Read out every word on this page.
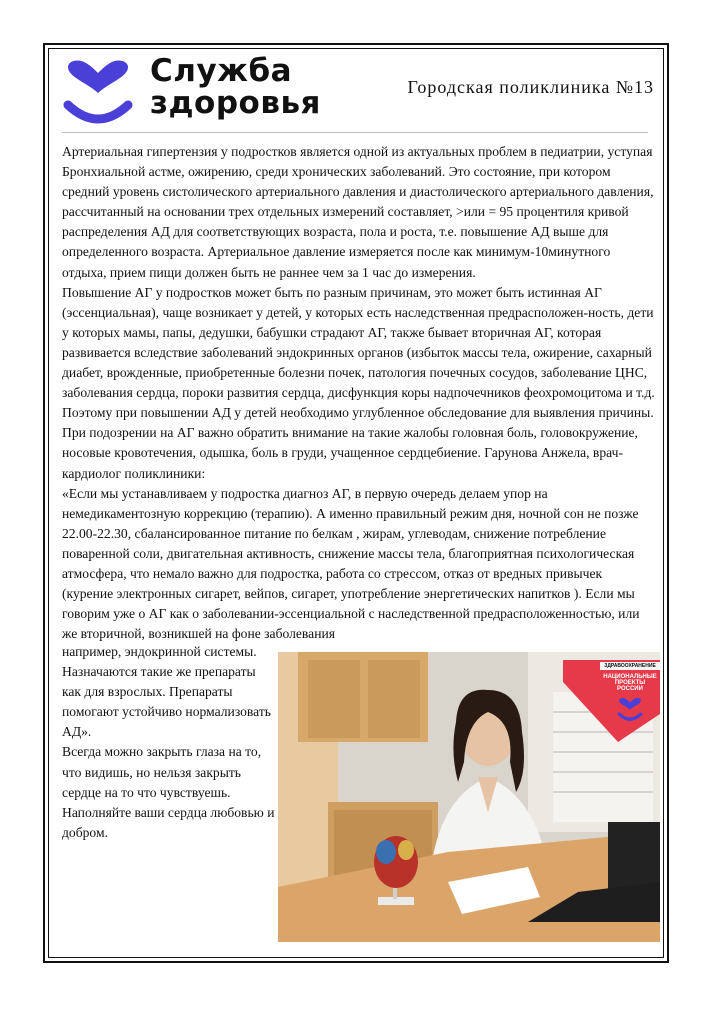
Служба
здоровья	Городская поликлиника №13

Артериальная гипертензия у подростков является одной из актуальных проблем в педиатрии, уступая Бронхиальной астме, ожирению, среди хронических заболеваний. Это состояние, при котором средний уровень систолического артериального давления и диастолического артериального давления, рассчитанный на основании трех отдельных измерений составляет, >или = 95 процентиля кривой распределения АД для соответствующих возраста, пола и роста, т.е. повышение АД выше для определенного возраста. Артериальное давление измеряется после как минимум-10минутного отдыха, прием пищи должен быть не раннее чем за 1 час до измерения.

Повышение АГ у подростков может быть по разным причинам, это может быть истинная АГ (эссенциальная), чаще возникает у детей, у которых есть наследственная предрасположен-ность, дети у которых мамы, папы, дедушки, бабушки страдают АГ, также бывает вторичная АГ, которая развивается вследствие заболеваний эндокринных органов (избыток массы тела, ожирение, сахарный диабет, врожденные, приобретенные болезни почек, патология почечных сосудов, заболевание ЦНС, заболевания сердца, пороки развития сердца, дисфункция коры надпочечников феохромоцитома и т.д. Поэтому при повышении АД у детей необходимо углубленное обследование для выявления причины. При подозрении на АГ важно обратить внимание на такие жалобы головная боль, головокружение, носовые кровотечения, одышка, боль в груди, учащенное сердцебиение. Гарунова Анжела, врач-кардиолог поликлиники:

«Если мы устанавливаем у подростка диагноз АГ, в первую очередь делаем упор на немедикаментозную коррекцию (терапию). А именно правильный режим дня, ночной сон не позже 22.00-22.30, сбалансированное питание по белкам , жирам, углеводам, снижение потребление поваренной соли, двигательная активность, снижение массы тела, благоприятная психологическая атмосфера, что немало важно для подростка, работа со стрессом, отказ от вредных привычек (курение электронных сигарет, вейпов, сигарет, употребление энергетических напитков ). Если мы говорим уже о АГ как о заболевании-эссенциальной с наследственной предрасположенностью, или же вторичной, возникшей на фоне заболевания

например, эндокринной системы. Назначаются такие же препараты как для взрослых. Препараты помогают устойчиво нормализовать АД».

Всегда можно закрыть глаза на то, что видишь, но нельзя закрыть сердце на то что чувствуешь. Наполняйте ваши сердца любовью и добром.

ЗДРАВООХРАНЕНИЕ
НАЦИОНАЛЬНЫЕ
ПРОЕКТЫ
РОССИИ
